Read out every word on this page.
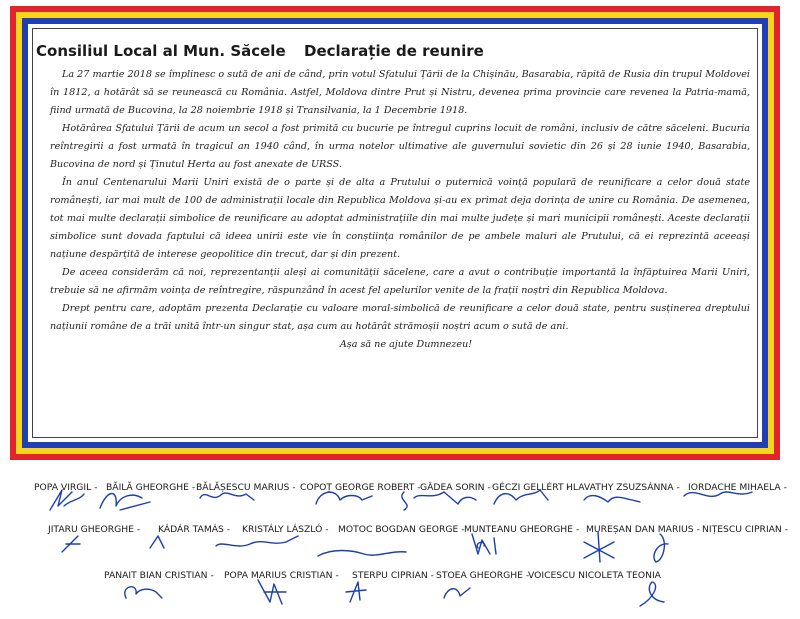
Consiliul Local al Mun. Săcele Declarație de reunire

La 27 martie 2018 se împlinesc o sută de ani de când, prin votul Sfatului Țării de la Chișinău, Basarabia, răpită de Rusia din trupul Moldovei în 1812, a hotărât să se reunească cu România. Astfel, Moldova dintre Prut și Nistru, devenea prima provincie care revenea la Patria-mamă, fiind urmată de Bucovina, la 28 noiembrie 1918 și Transilvania, la 1 Decembrie 1918.

Hotărârea Sfatului Țării de acum un secol a fost primită cu bucurie pe întregul cuprins locuit de români, inclusiv de către săceleni. Bucuria reîntregirii a fost urmată în tragicul an 1940 când, în urma notelor ultimative ale guvernului sovietic din 26 și 28 iunie 1940, Basarabia, Bucovina de nord și Ținutul Herta au fost anexate de URSS.

În anul Centenarului Marii Uniri există de o parte și de alta a Prutului o puternică voință populară de reunificare a celor două state românești, iar mai mult de 100 de administrații locale din Republica Moldova și-au ex primat deja dorința de unire cu România. De asemenea, tot mai multe declarații simbolice de reunificare au adoptat administrațiile din mai multe județe și mari municipii românești. Aceste declarații simbolice sunt dovada faptului că ideea unirii este vie în conștiința românilor de pe ambele maluri ale Prutului, că ei reprezintă aceeași națiune despărțită de interese geopolitice din trecut, dar și din prezent.

De aceea considerăm că noi, reprezentanții aleși ai comunității săcelene, care a avut o contribuție importantă la înfăptuirea Marii Uniri, trebuie să ne afirmăm voința de reîntregire, răspunzând în acest fel apelurilor venite de la frații noștri din Republica Moldova.

Drept pentru care, adoptăm prezenta Declarație cu valoare moral-simbolică de reunificare a celor două state, pentru susținerea dreptului națiunii române de a trăi unită într-un singur stat, așa cum au hotărât strămoșii noștri acum o sută de ani.

Așa să ne ajute Dumnezeu!

POPA VIRGIL - BĂILĂ GHEORGHE - BĂLĂȘESCU MARIUS - COPOȚ GEORGE ROBERT - GÂDEA SORIN - GÉCZI GELLÉRT -
HLAVATHY ZSUZSÁNNA - IORDACHE MIHAELA -
JITARU GHEORGHE - KÁDÁR TAMÁS - KRISTÁLY LÁSZLÓ - MOTOC BOGDAN GEORGE - MUNTEANU GHEORGHE - MUREȘAN DAN MARIUS - NIȚESCU CIPRIAN -
PANAIT BIAN CRISTIAN - POPA MARIUS CRISTIAN - STERPU CIPRIAN - STOEA GHEORGHE -
VOICESCU NICOLETA TEONIA
